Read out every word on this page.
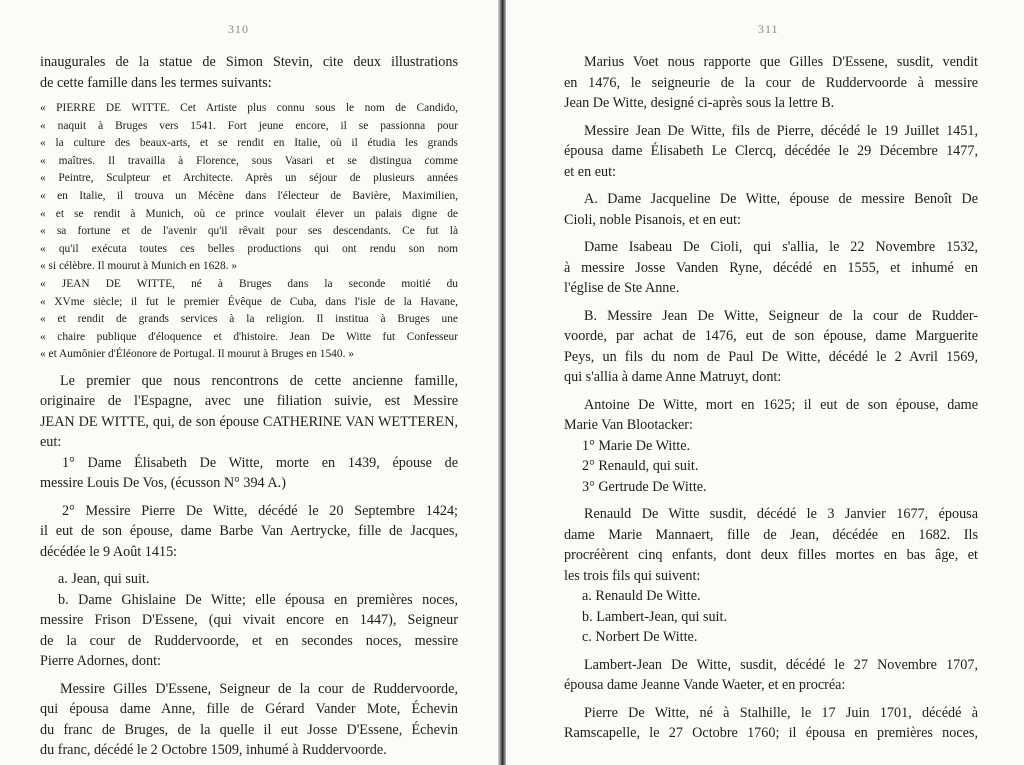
310
inaugurales de la statue de Simon Stevin, cite deux illustrations
de cette famille dans les termes suivants:
« PIERRE DE WITTE. Cet Artiste plus connu sous le nom de Candido,
« naquit à Bruges vers 1541. Fort jeune encore, il se passionna pour
« la culture des beaux-arts, et se rendit en Italie, où il étudia les grands
« maîtres. Il travailla à Florence, sous Vasari et se distingua comme
« Peintre, Sculpteur et Architecte. Après un séjour de plusieurs années
« en Italie, il trouva un Mécène dans l'électeur de Bavière, Maximilien,
« et se rendit à Munich, où ce prince voulait élever un palais digne de
« sa fortune et de l'avenir qu'il rêvait pour ses descendants. Ce fut là
« qu'il exécuta toutes ces belles productions qui ont rendu son nom
« si célèbre. Il mourut à Munich en 1628. »
« JEAN DE WITTE, né à Bruges dans la seconde moitié du
« XVme siècle; il fut le premier Évêque de Cuba, dans l'isle de la Havane,
« et rendit de grands services à la religion. Il institua à Bruges une
« chaire publique d'éloquence et d'histoire. Jean De Witte fut Confesseur
« et Aumônier d'Éléonore de Portugal. Il mourut à Bruges en 1540. »
Le premier que nous rencontrons de cette ancienne famille,
originaire de l'Espagne, avec une filiation suivie, est Messire
JEAN DE WITTE, qui, de son épouse CATHERINE VAN WETTEREN,
eut:
1° Dame Élisabeth De Witte, morte en 1439, épouse de
messire Louis De Vos, (écusson N° 394 A.)
2° Messire Pierre De Witte, décédé le 20 Septembre 1424;
il eut de son épouse, dame Barbe Van Aertrycke, fille de Jacques,
décédée le 9 Août 1415:
a. Jean, qui suit.
b. Dame Ghislaine De Witte; elle épousa en premières noces,
messire Frison D'Essene, (qui vivait encore en 1447), Seigneur
de la cour de Ruddervoorde, et en secondes noces, messire
Pierre Adornes, dont:
Messire Gilles D'Essene, Seigneur de la cour de Ruddervoorde,
qui épousa dame Anne, fille de Gérard Vander Mote, Échevin
du franc de Bruges, de la quelle il eut Josse D'Essene, Échevin
du franc, décédé le 2 Octobre 1509, inhumé à Ruddervoorde.
311
Marius Voet nous rapporte que Gilles D'Essene, susdit, vendit
en 1476, le seigneurie de la cour de Ruddervoorde à messire
Jean De Witte, designé ci-après sous la lettre B.
Messire Jean De Witte, fils de Pierre, décédé le 19 Juillet 1451,
épousa dame Élisabeth Le Clercq, décédée le 29 Décembre 1477,
et en eut:
A. Dame Jacqueline De Witte, épouse de messire Benoît De
Cioli, noble Pisanois, et en eut:
Dame Isabeau De Cioli, qui s'allia, le 22 Novembre 1532,
à messire Josse Vanden Ryne, décédé en 1555, et inhumé en
l'église de Ste Anne.
B. Messire Jean De Witte, Seigneur de la cour de Rudder-
voorde, par achat de 1476, eut de son épouse, dame Marguerite
Peys, un fils du nom de Paul De Witte, décédé le 2 Avril 1569,
qui s'allia à dame Anne Matruyt, dont:
Antoine De Witte, mort en 1625; il eut de son épouse, dame
Marie Van Blootacker:
1° Marie De Witte.
2° Renauld, qui suit.
3° Gertrude De Witte.
Renauld De Witte susdit, décédé le 3 Janvier 1677, épousa
dame Marie Mannaert, fille de Jean, décédée en 1682. Ils
procréèrent cinq enfants, dont deux filles mortes en bas âge, et
les trois fils qui suivent:
a. Renauld De Witte.
b. Lambert-Jean, qui suit.
c. Norbert De Witte.
Lambert-Jean De Witte, susdit, décédé le 27 Novembre 1707,
épousa dame Jeanne Vande Waeter, et en procréa:
Pierre De Witte, né à Stalhille, le 17 Juin 1701, décédé à
Ramscapelle, le 27 Octobre 1760; il épousa en premières noces,
